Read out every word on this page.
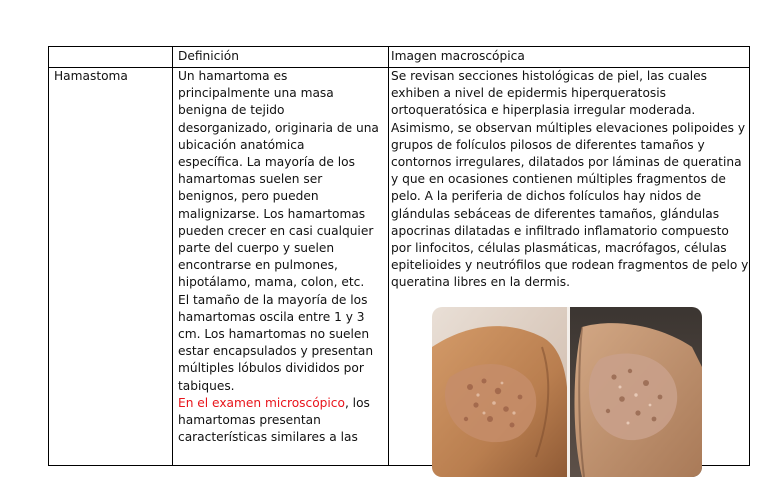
Definición	Imagen macroscópica
Hamastoma	Un hamartoma es

principalmente una masa

benigna de tejido

desorganizado, originaria de una

ubicación anatómica

específica. La mayoría de los

hamartomas suelen ser

benignos, pero pueden

malignizarse. Los hamartomas

pueden crecer en casi cualquier

parte del cuerpo y suelen

encontrarse en pulmones,

hipotálamo, mama, colon, etc.

El tamaño de la mayoría de los

hamartomas oscila entre 1 y 3

cm. Los hamartomas no suelen

estar encapsulados y presentan

múltiples lóbulos divididos por

tabiques.

En el examen microscópico, los

hamartomas presentan

características similares a las

Se revisan secciones histológicas de piel, las cuales

exhiben a nivel de epidermis hiperqueratosis

ortoqueratósica e hiperplasia irregular moderada.

Asimismo, se observan múltiples elevaciones polipoides y

grupos de folículos pilosos de diferentes tamaños y

contornos irregulares, dilatados por láminas de queratina

y que en ocasiones contienen múltiples fragmentos de

pelo. A la periferia de dichos folículos hay nidos de

glándulas sebáceas de diferentes tamaños, glándulas

apocrinas dilatadas e infiltrado inflamatorio compuesto

por linfocitos, células plasmáticas, macrófagos, células

epitelioides y neutrófilos que rodean fragmentos de pelo y

queratina libres en la dermis.
